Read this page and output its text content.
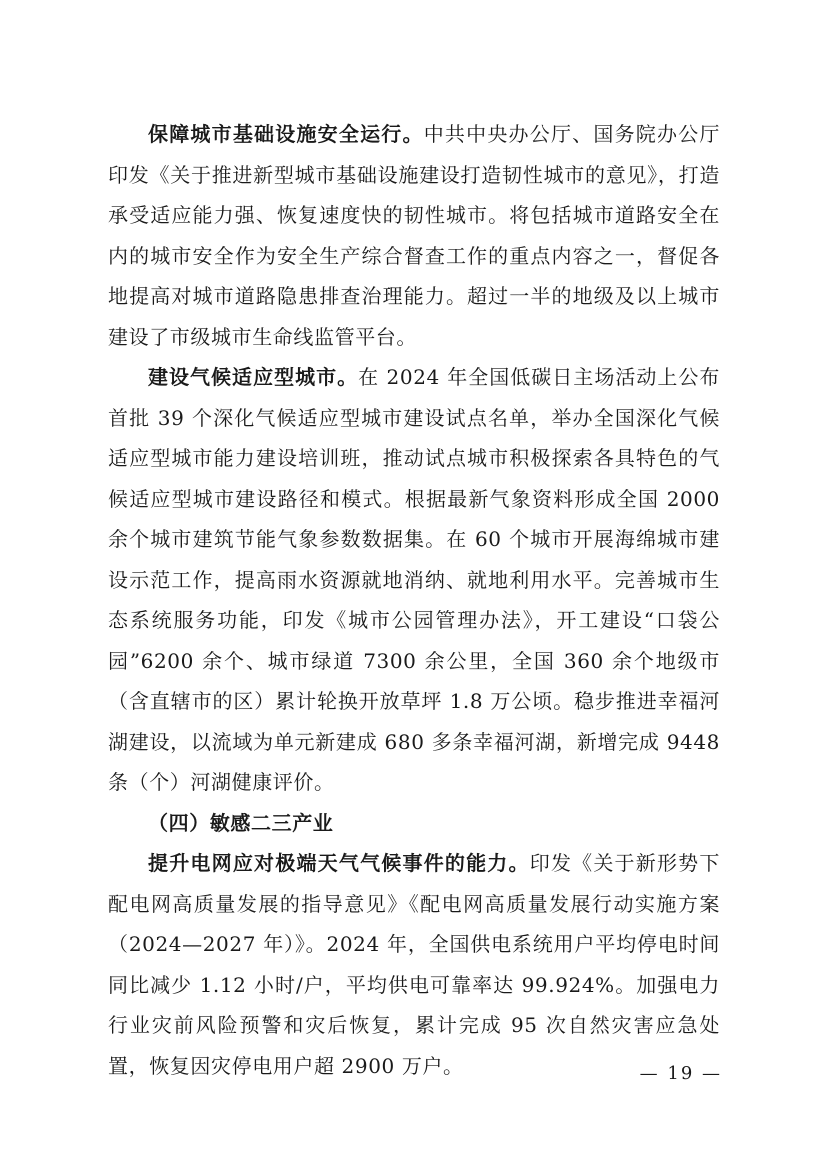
保障城市基础设施安全运行。中共中央办公厅、国务院办公厅印发《关于推进新型城市基础设施建设打造韧性城市的意见》，打造承受适应能力强、恢复速度快的韧性城市。将包括城市道路安全在内的城市安全作为安全生产综合督查工作的重点内容之一，督促各地提高对城市道路隐患排查治理能力。超过一半的地级及以上城市建设了市级城市生命线监管平台。

建设气候适应型城市。在 2024 年全国低碳日主场活动上公布首批 39 个深化气候适应型城市建设试点名单，举办全国深化气候适应型城市能力建设培训班，推动试点城市积极探索各具特色的气候适应型城市建设路径和模式。根据最新气象资料形成全国 2000 余个城市建筑节能气象参数数据集。在 60 个城市开展海绵城市建设示范工作，提高雨水资源就地消纳、就地利用水平。完善城市生态系统服务功能，印发《城市公园管理办法》，开工建设“口袋公园”6200 余个、城市绿道 7300 余公里，全国 360 余个地级市（含直辖市的区）累计轮换开放草坪 1.8 万公顷。稳步推进幸福河湖建设，以流域为单元新建成 680 多条幸福河湖，新增完成 9448 条（个）河湖健康评价。

（四）敏感二三产业

提升电网应对极端天气气候事件的能力。印发《关于新形势下配电网高质量发展的指导意见》《配电网高质量发展行动实施方案（2024—2027 年）》。2024 年，全国供电系统用户平均停电时间同比减少 1.12 小时/户，平均供电可靠率达 99.924%。加强电力行业灾前风险预警和灾后恢复，累计完成 95 次自然灾害应急处置，恢复因灾停电用户超 2900 万户。	— 19 —
